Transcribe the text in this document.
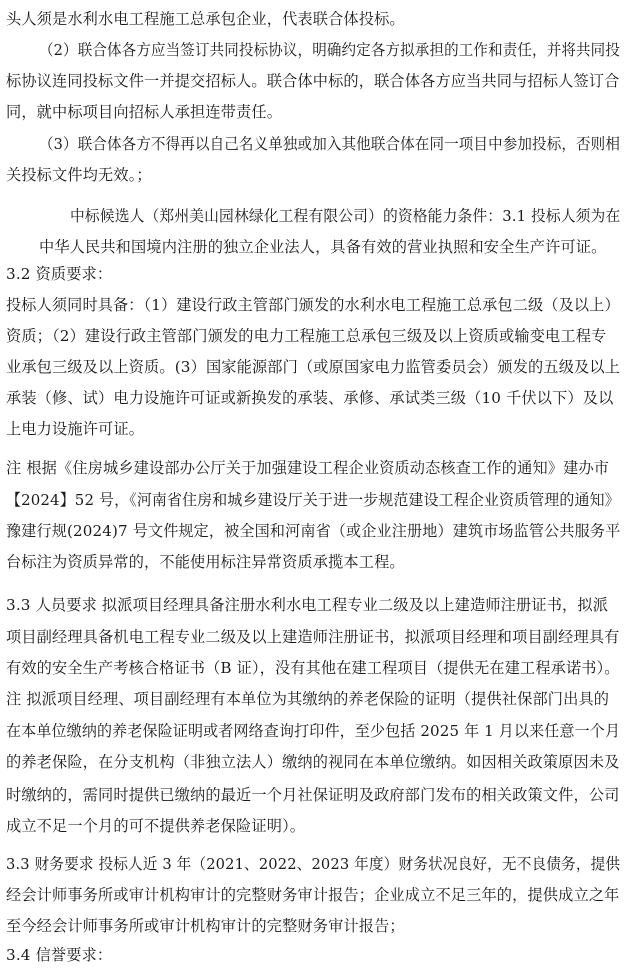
头人须是水利水电工程施工总承包企业，代表联合体投标。
（2）联合体各方应当签订共同投标协议，明确约定各方拟承担的工作和责任，并将共同投
标协议连同投标文件一并提交招标人。联合体中标的，联合体各方应当共同与招标人签订合
同，就中标项目向招标人承担连带责任。
（3）联合体各方不得再以自己名义单独或加入其他联合体在同一项目中参加投标，否则相
关投标文件均无效。；
中标候选人（郑州美山园林绿化工程有限公司）的资格能力条件：3.1 投标人须为在
中华人民共和国境内注册的独立企业法人，具备有效的营业执照和安全生产许可证。
3.2 资质要求：
投标人须同时具备：（1）建设行政主管部门颁发的水利水电工程施工总承包二级（及以上）
资质；（2）建设行政主管部门颁发的电力工程施工总承包三级及以上资质或输变电工程专
业承包三级及以上资质。(3）国家能源部门（或原国家电力监管委员会）颁发的五级及以上
承装（修、试）电力设施许可证或新换发的承装、承修、承试类三级（10 千伏以下）及以
上电力设施许可证。
注 根据《住房城乡建设部办公厅关于加强建设工程企业资质动态核查工作的通知》建办市
【2024】52 号，《河南省住房和城乡建设厅关于进一步规范建设工程企业资质管理的通知》
豫建行规(2024)7 号文件规定，被全国和河南省（或企业注册地）建筑市场监管公共服务平
台标注为资质异常的，不能使用标注异常资质承揽本工程。
3.3 人员要求 拟派项目经理具备注册水利水电工程专业二级及以上建造师注册证书，拟派
项目副经理具备机电工程专业二级及以上建造师注册证书，拟派项目经理和项目副经理具有
有效的安全生产考核合格证书（B 证），没有其他在建工程项目（提供无在建工程承诺书）。
注 拟派项目经理、项目副经理有本单位为其缴纳的养老保险的证明（提供社保部门出具的
在本单位缴纳的养老保险证明或者网络查询打印件，至少包括 2025 年 1 月以来任意一个月
的养老保险，在分支机构（非独立法人）缴纳的视同在本单位缴纳。如因相关政策原因未及
时缴纳的，需同时提供已缴纳的最近一个月社保证明及政府部门发布的相关政策文件，公司
成立不足一个月的可不提供养老保险证明）。
3.3 财务要求 投标人近 3 年（2021、2022、2023 年度）财务状况良好，无不良债务，提供
经会计师事务所或审计机构审计的完整财务审计报告；企业成立不足三年的，提供成立之年
至今经会计师事务所或审计机构审计的完整财务审计报告；
3.4 信誉要求：
